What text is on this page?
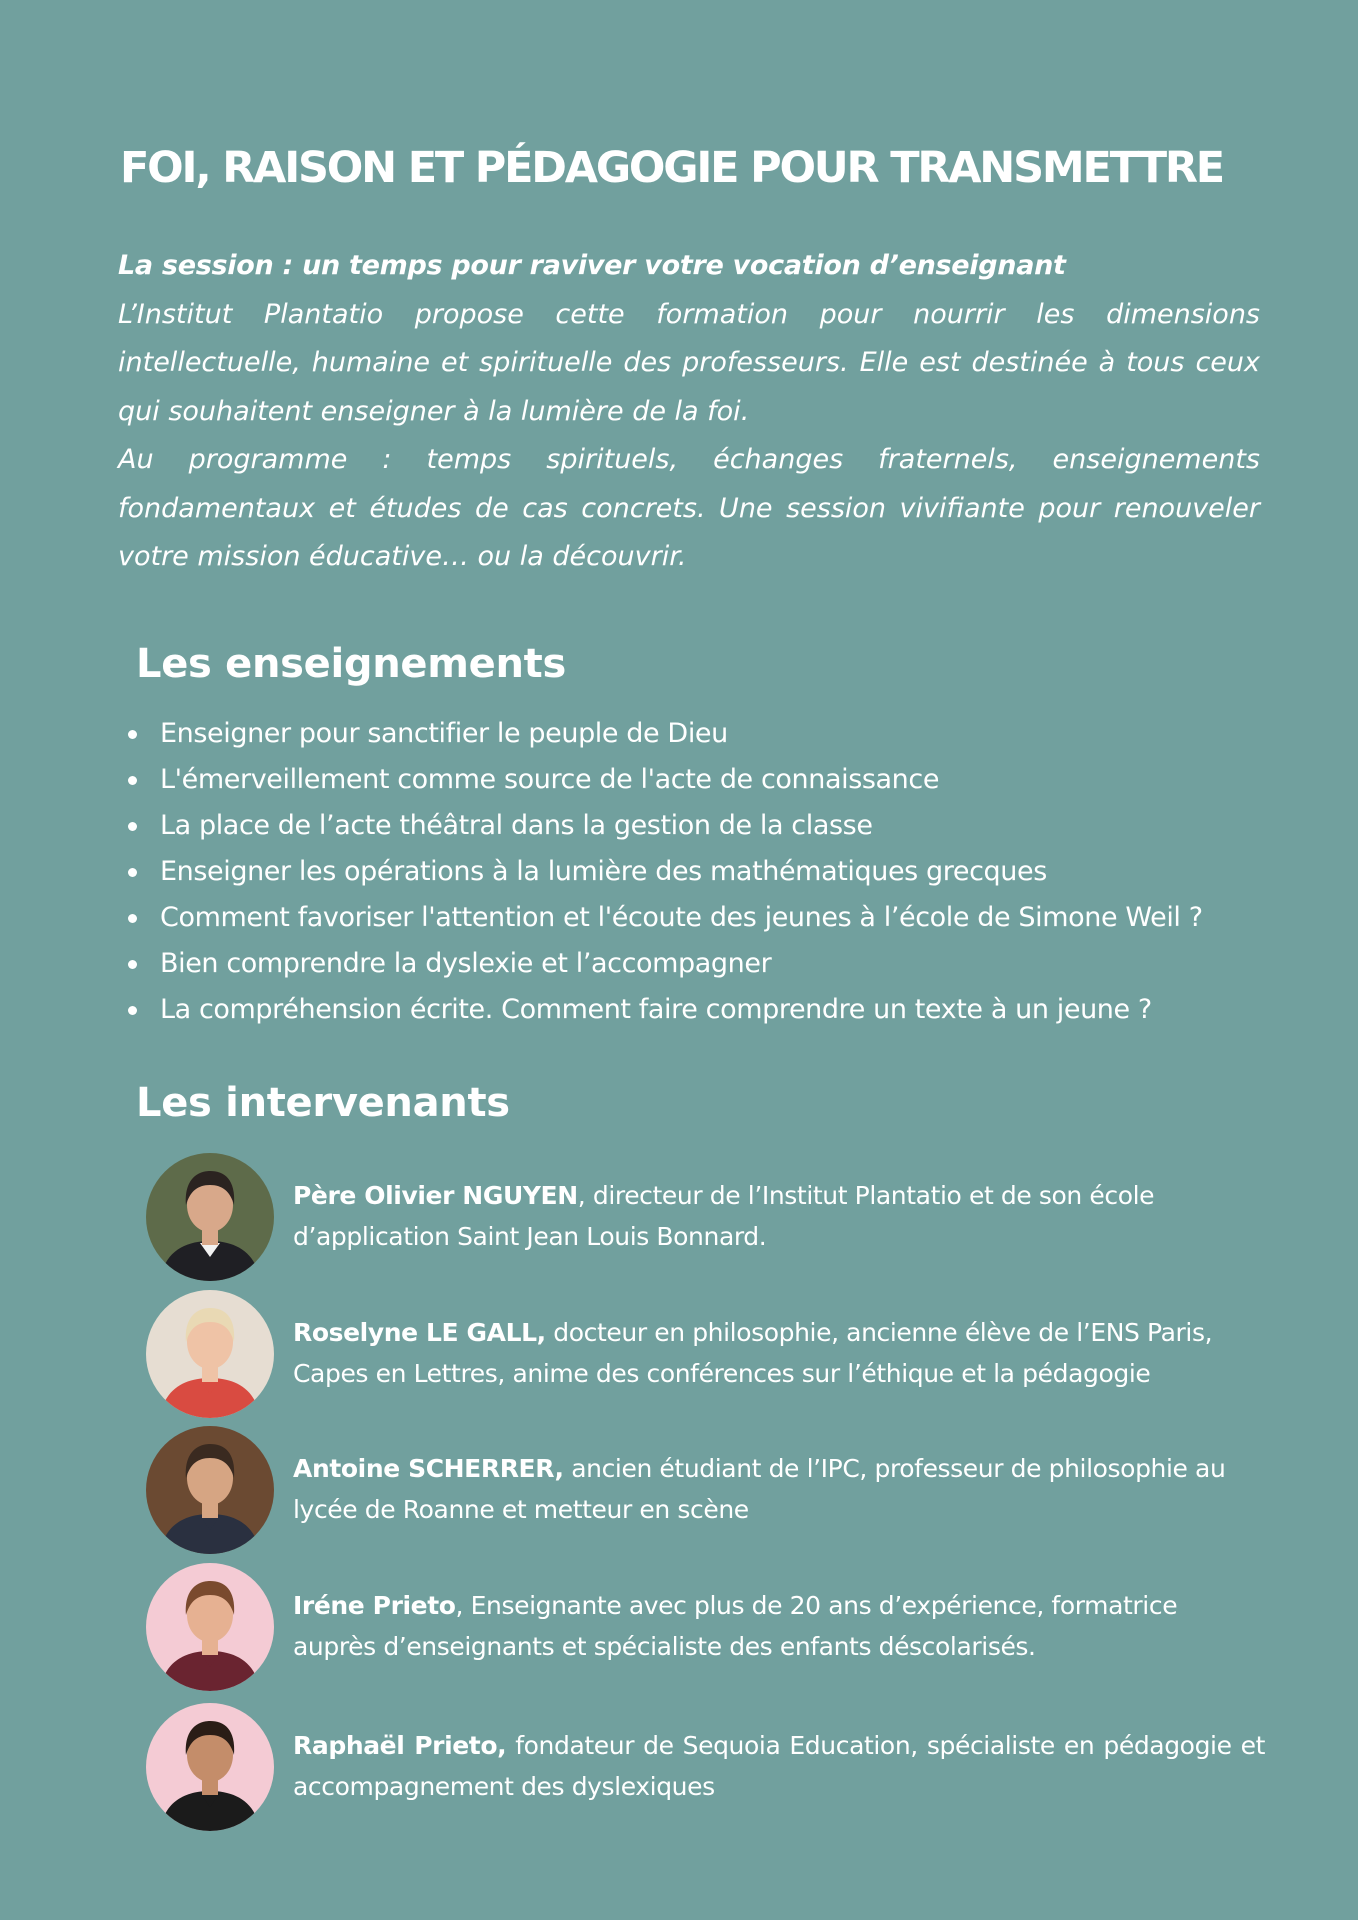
FOI, RAISON ET PÉDAGOGIE POUR TRANSMETTRE
La session : un temps pour raviver votre vocation d’enseignant

L’Institut Plantatio propose cette formation pour nourrir les dimensions intellectuelle, humaine et spirituelle des professeurs. Elle est destinée à tous ceux qui souhaitent enseigner à la lumière de la foi.

Au programme : temps spirituels, échanges fraternels, enseignements fondamentaux et études de cas concrets. Une session vivifiante pour renouveler votre mission éducative… ou la découvrir.

Les enseignements
Enseigner pour sanctifier le peuple de Dieu
L'émerveillement comme source de l'acte de connaissance
La place de l’acte théâtral dans la gestion de la classe
Enseigner les opérations à la lumière des mathématiques grecques
Comment favoriser l'attention et l'écoute des jeunes à l’école de Simone Weil ?
Bien comprendre la dyslexie et l’accompagner
La compréhension écrite. Comment faire comprendre un texte à un jeune ?
Les intervenants
Père Olivier NGUYEN, directeur de l’Institut Plantatio et de son école d’application Saint Jean Louis Bonnard.
Roselyne LE GALL, docteur en philosophie, ancienne élève de l’ENS Paris, Capes en Lettres, anime des conférences sur l’éthique et la pédagogie
Antoine SCHERRER, ancien étudiant de l’IPC, professeur de philosophie au lycée de Roanne et metteur en scène
Iréne Prieto, Enseignante avec plus de 20 ans d’expérience, formatrice auprès d’enseignants et spécialiste des enfants déscolarisés.
Raphaël Prieto, fondateur de Sequoia Education, spécialiste en pédagogie et accompagnement des dyslexiques
